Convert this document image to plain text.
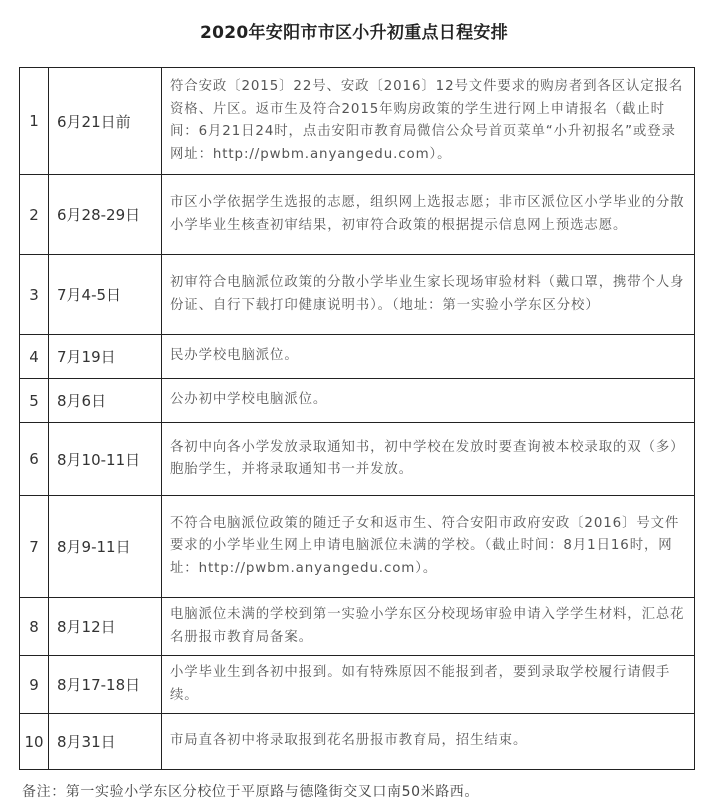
2020年安阳市市区小升初重点日程安排
1	6月21日前	符合安政〔2015〕22号、安政〔2016〕12号文件要求的购房者到各区认定报名资格、片区。返市生及符合2015年购房政策的学生进行网上申请报名（截止时间：6月21日24时，点击安阳市教育局微信公众号首页菜单“小升初报名”或登录网址：http://pwbm.anyangedu.com）。
2	6月28-29日	市区小学依据学生选报的志愿，组织网上选报志愿；非市区派位区小学毕业的分散小学毕业生核查初审结果，初审符合政策的根据提示信息网上预选志愿。
3	7月4-5日	初审符合电脑派位政策的分散小学毕业生家长现场审验材料（戴口罩，携带个人身份证、自行下载打印健康说明书）。（地址：第一实验小学东区分校）
4	7月19日	民办学校电脑派位。
5	8月6日	公办初中学校电脑派位。
6	8月10-11日	各初中向各小学发放录取通知书，初中学校在发放时要查询被本校录取的双（多）胞胎学生，并将录取通知书一并发放。
7	8月9-11日	不符合电脑派位政策的随迁子女和返市生、符合安阳市政府安政〔2016〕号文件要求的小学毕业生网上申请电脑派位未满的学校。（截止时间：8月1日16时，网址：http://pwbm.anyangedu.com）。
8	8月12日	电脑派位未满的学校到第一实验小学东区分校现场审验申请入学学生材料，汇总花名册报市教育局备案。
9	8月17-18日	小学毕业生到各初中报到。如有特殊原因不能报到者，要到录取学校履行请假手续。
10	8月31日	市局直各初中将录取报到花名册报市教育局，招生结束。
备注：第一实验小学东区分校位于平原路与德隆街交叉口南50米路西。
